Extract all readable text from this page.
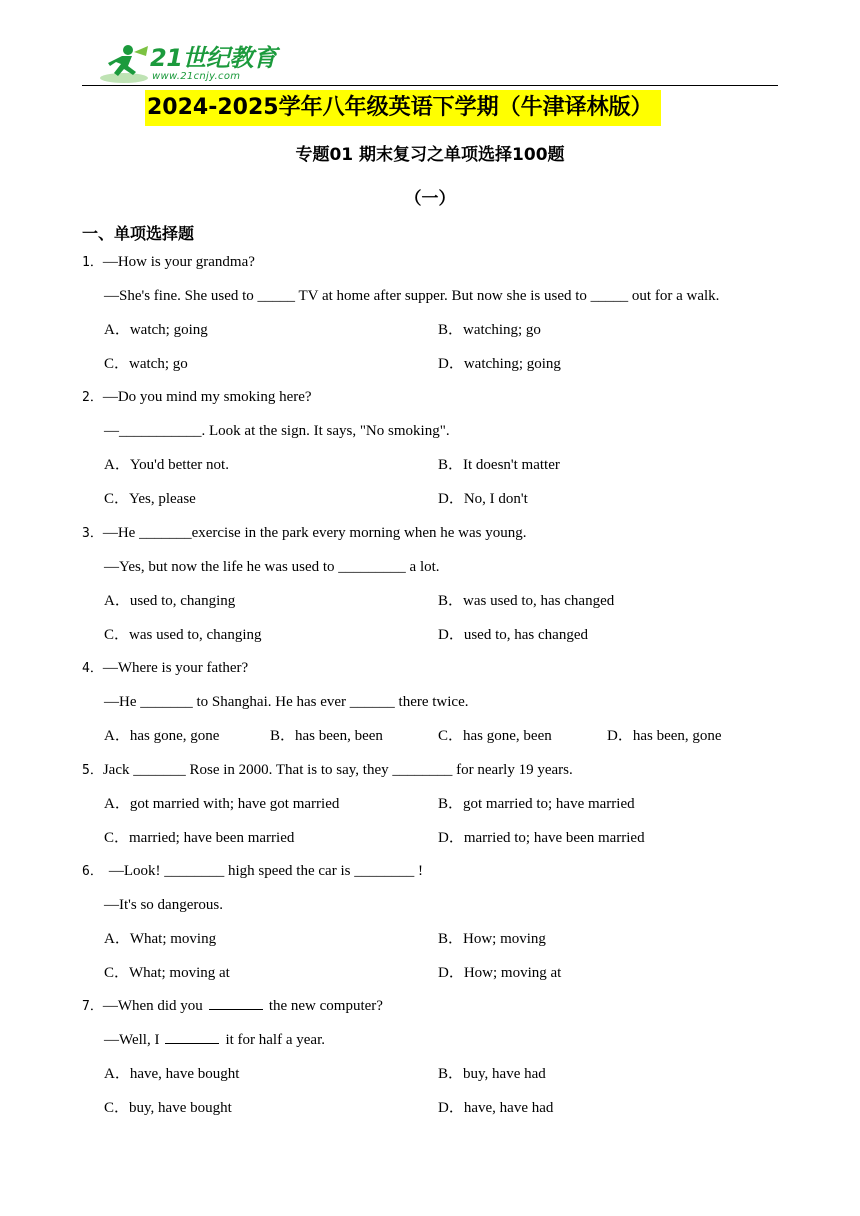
21世纪教育
www.21cnjy.com
2024-2025学年八年级英语下学期（牛津译林版）
专题01 期末复习之单项选择100题
（一）
一、单项选择题
1．—How is your grandma?
—She's fine. She used to _____ TV at home after supper. But now she is used to _____ out for a walk.
A．watch; going	B．watching; go
C．watch; go	D．watching; going
2．—Do you mind my smoking here?
—___________. Look at the sign. It says, "No smoking".
A．You'd better not.	B．It doesn't matter
C．Yes, please	D．No, I don't
3．—He _______exercise in the park every morning when he was young.
—Yes, but now the life he was used to _________ a lot.
A．used to, changing	B．was used to, has changed
C．was used to, changing	D．used to, has changed
4．—Where is your father?
—He _______ to Shanghai. He has ever ______ there twice.
A．has gone, gone	B．has been, been	C．has gone, been	D．has been, gone
5．Jack _______ Rose in 2000. That is to say, they ________ for nearly 19 years.
A．got married with; have got married	B．got married to; have married
C．married; have been married	D．married to; have been married
6． —Look! ________ high speed the car is ________ !
—It's so dangerous.
A．What; moving	B．How; moving
C．What; moving at	D．How; moving at
7．—When did you	the new computer?
—Well, I	it for half a year.
A．have, have bought	B．buy, have had
C．buy, have bought	D．have, have had
